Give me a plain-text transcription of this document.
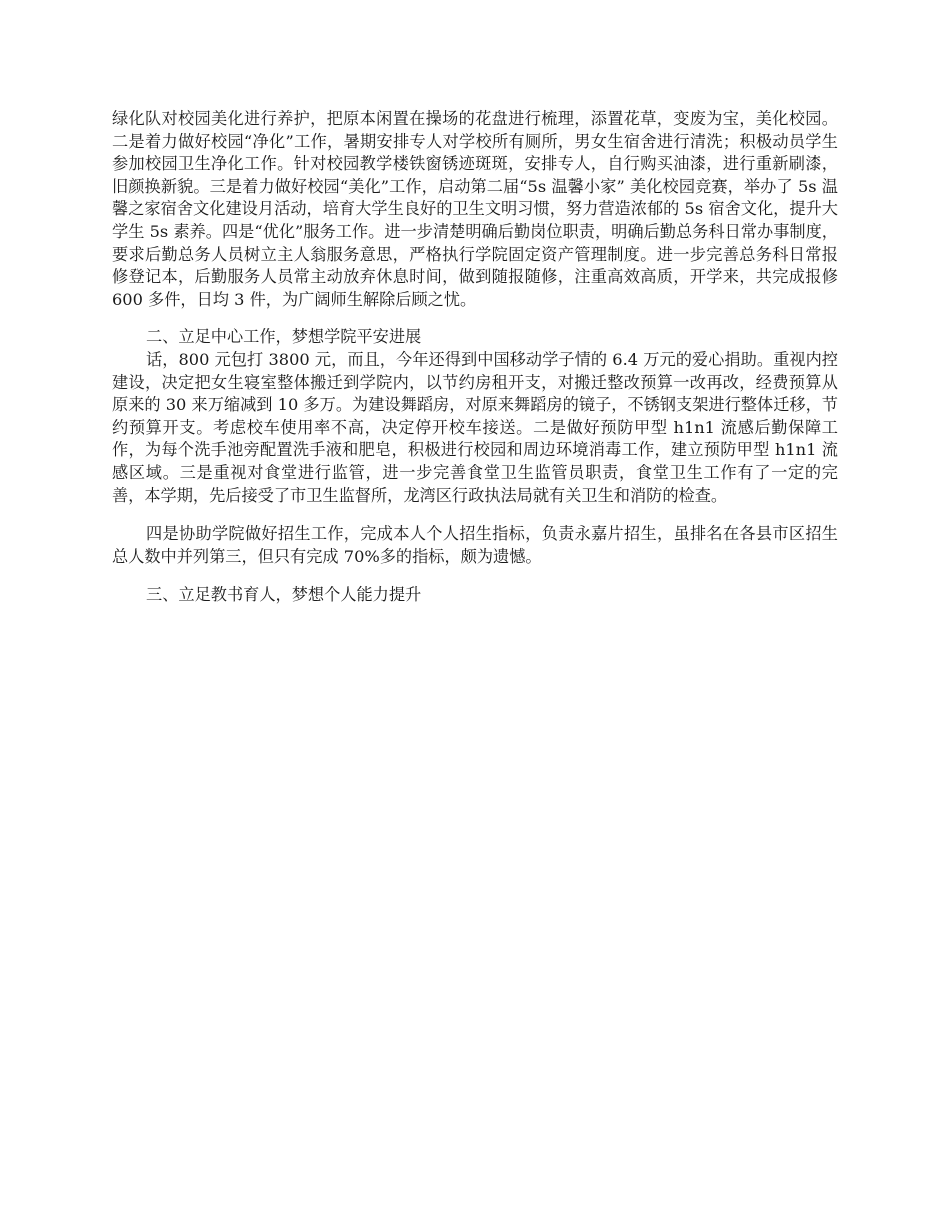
绿化队对校园美化进行养护，把原本闲置在操场的花盘进行梳理，添置花草，变废为宝，美化校园。二是着力做好校园“净化”工作，暑期安排专人对学校所有厕所，男女生宿舍进行清洗；积极动员学生参加校园卫生净化工作。针对校园教学楼铁窗锈迹斑斑，安排专人，自行购买油漆，进行重新刷漆，旧颜换新貌。三是着力做好校园“美化”工作，启动第二届“5s 温馨小家” 美化校园竞赛，举办了 5s 温馨之家宿舍文化建设月活动，培育大学生良好的卫生文明习惯，努力营造浓郁的 5s 宿舍文化，提升大学生 5s 素养。四是“优化”服务工作。进一步清楚明确后勤岗位职责，明确后勤总务科日常办事制度，要求后勤总务人员树立主人翁服务意思，严格执行学院固定资产管理制度。进一步完善总务科日常报修登记本，后勤服务人员常主动放弃休息时间，做到随报随修，注重高效高质，开学来，共完成报修 600 多件，日均 3 件，为广阔师生解除后顾之忧。

二、立足中心工作，梦想学院平安进展

话，800 元包打 3800 元，而且，今年还得到中国移动学子情的 6.4 万元的爱心捐助。重视内控建设，决定把女生寝室整体搬迁到学院内，以节约房租开支，对搬迁整改预算一改再改，经费预算从原来的 30 来万缩减到 10 多万。为建设舞蹈房，对原来舞蹈房的镜子，不锈钢支架进行整体迁移，节约预算开支。考虑校车使用率不高，决定停开校车接送。二是做好预防甲型 h1n1 流感后勤保障工作，为每个洗手池旁配置洗手液和肥皂，积极进行校园和周边环境消毒工作，建立预防甲型 h1n1 流感区域。三是重视对食堂进行监管，进一步完善食堂卫生监管员职责，食堂卫生工作有了一定的完善，本学期，先后接受了市卫生监督所，龙湾区行政执法局就有关卫生和消防的检查。

四是协助学院做好招生工作，完成本人个人招生指标，负责永嘉片招生，虽排名在各县市区招生总人数中并列第三，但只有完成 70%多的指标，颇为遗憾。

三、立足教书育人，梦想个人能力提升
